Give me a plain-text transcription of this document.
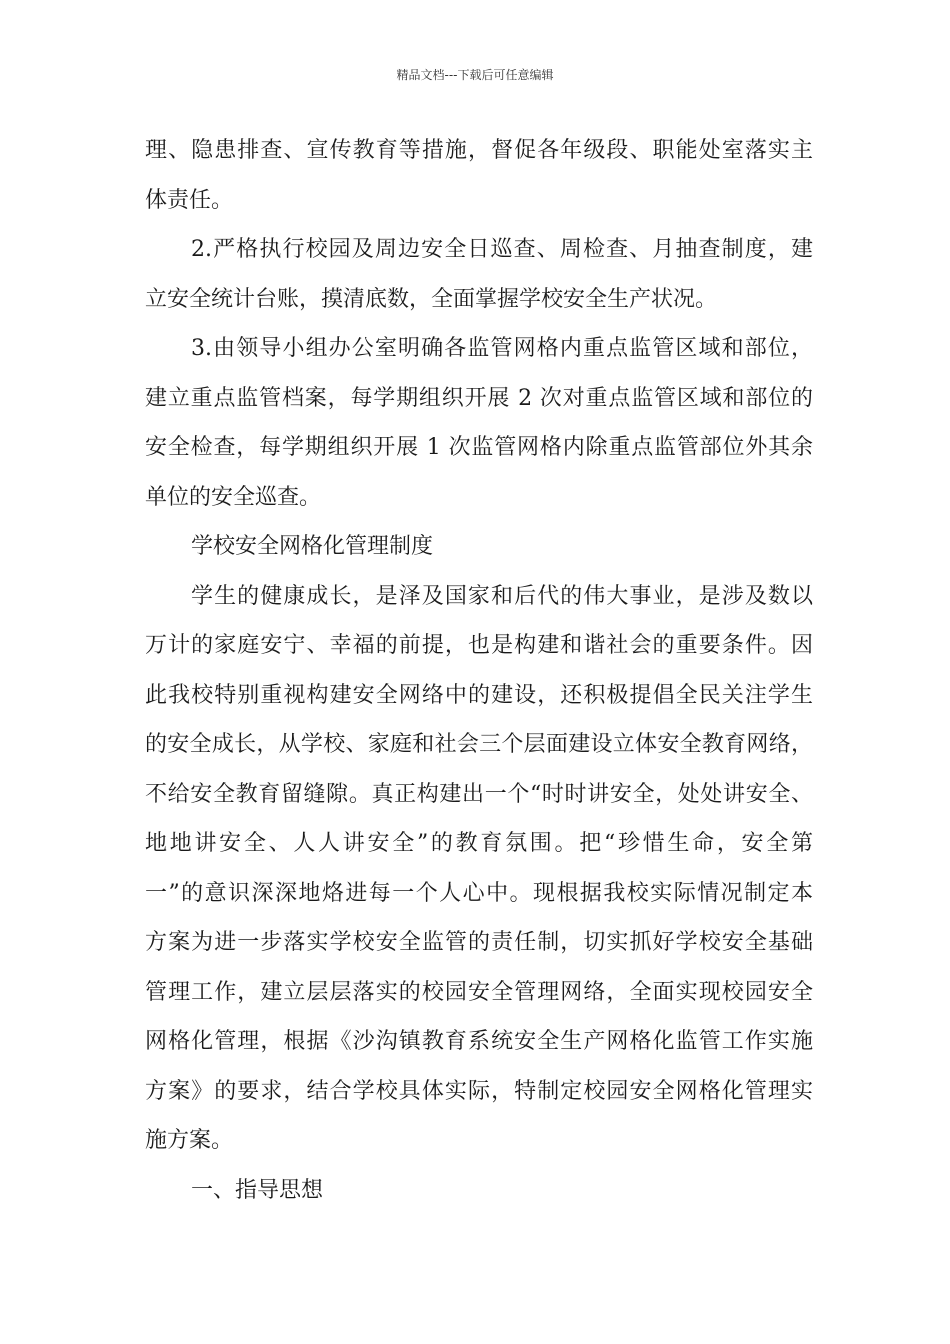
精品文档---下载后可任意编辑
理、隐患排查、宣传教育等措施，督促各年级段、职能处室落实主
体责任。
2.严格执行校园及周边安全日巡查、周检查、月抽查制度，建
立安全统计台账，摸清底数，全面掌握学校安全生产状况。
3.由领导小组办公室明确各监管网格内重点监管区域和部位，
建立重点监管档案，每学期组织开展 2 次对重点监管区域和部位的
安全检查，每学期组织开展 1 次监管网格内除重点监管部位外其余
单位的安全巡查。
学校安全网格化管理制度
学生的健康成长，是泽及国家和后代的伟大事业，是涉及数以
万计的家庭安宁、幸福的前提，也是构建和谐社会的重要条件。因
此我校特别重视构建安全网络中的建设，还积极提倡全民关注学生
的安全成长，从学校、家庭和社会三个层面建设立体安全教育网络，
不给安全教育留缝隙。真正构建出一个“时时讲安全，处处讲安全、
地地讲安全、人人讲安全”的教育氛围。把“珍惜生命，安全第
一”的意识深深地烙进每一个人心中。现根据我校实际情况制定本
方案为进一步落实学校安全监管的责任制，切实抓好学校安全基础
管理工作，建立层层落实的校园安全管理网络，全面实现校园安全
网格化管理，根据《沙沟镇教育系统安全生产网格化监管工作实施
方案》的要求，结合学校具体实际，特制定校园安全网格化管理实
施方案。
一、指导思想
